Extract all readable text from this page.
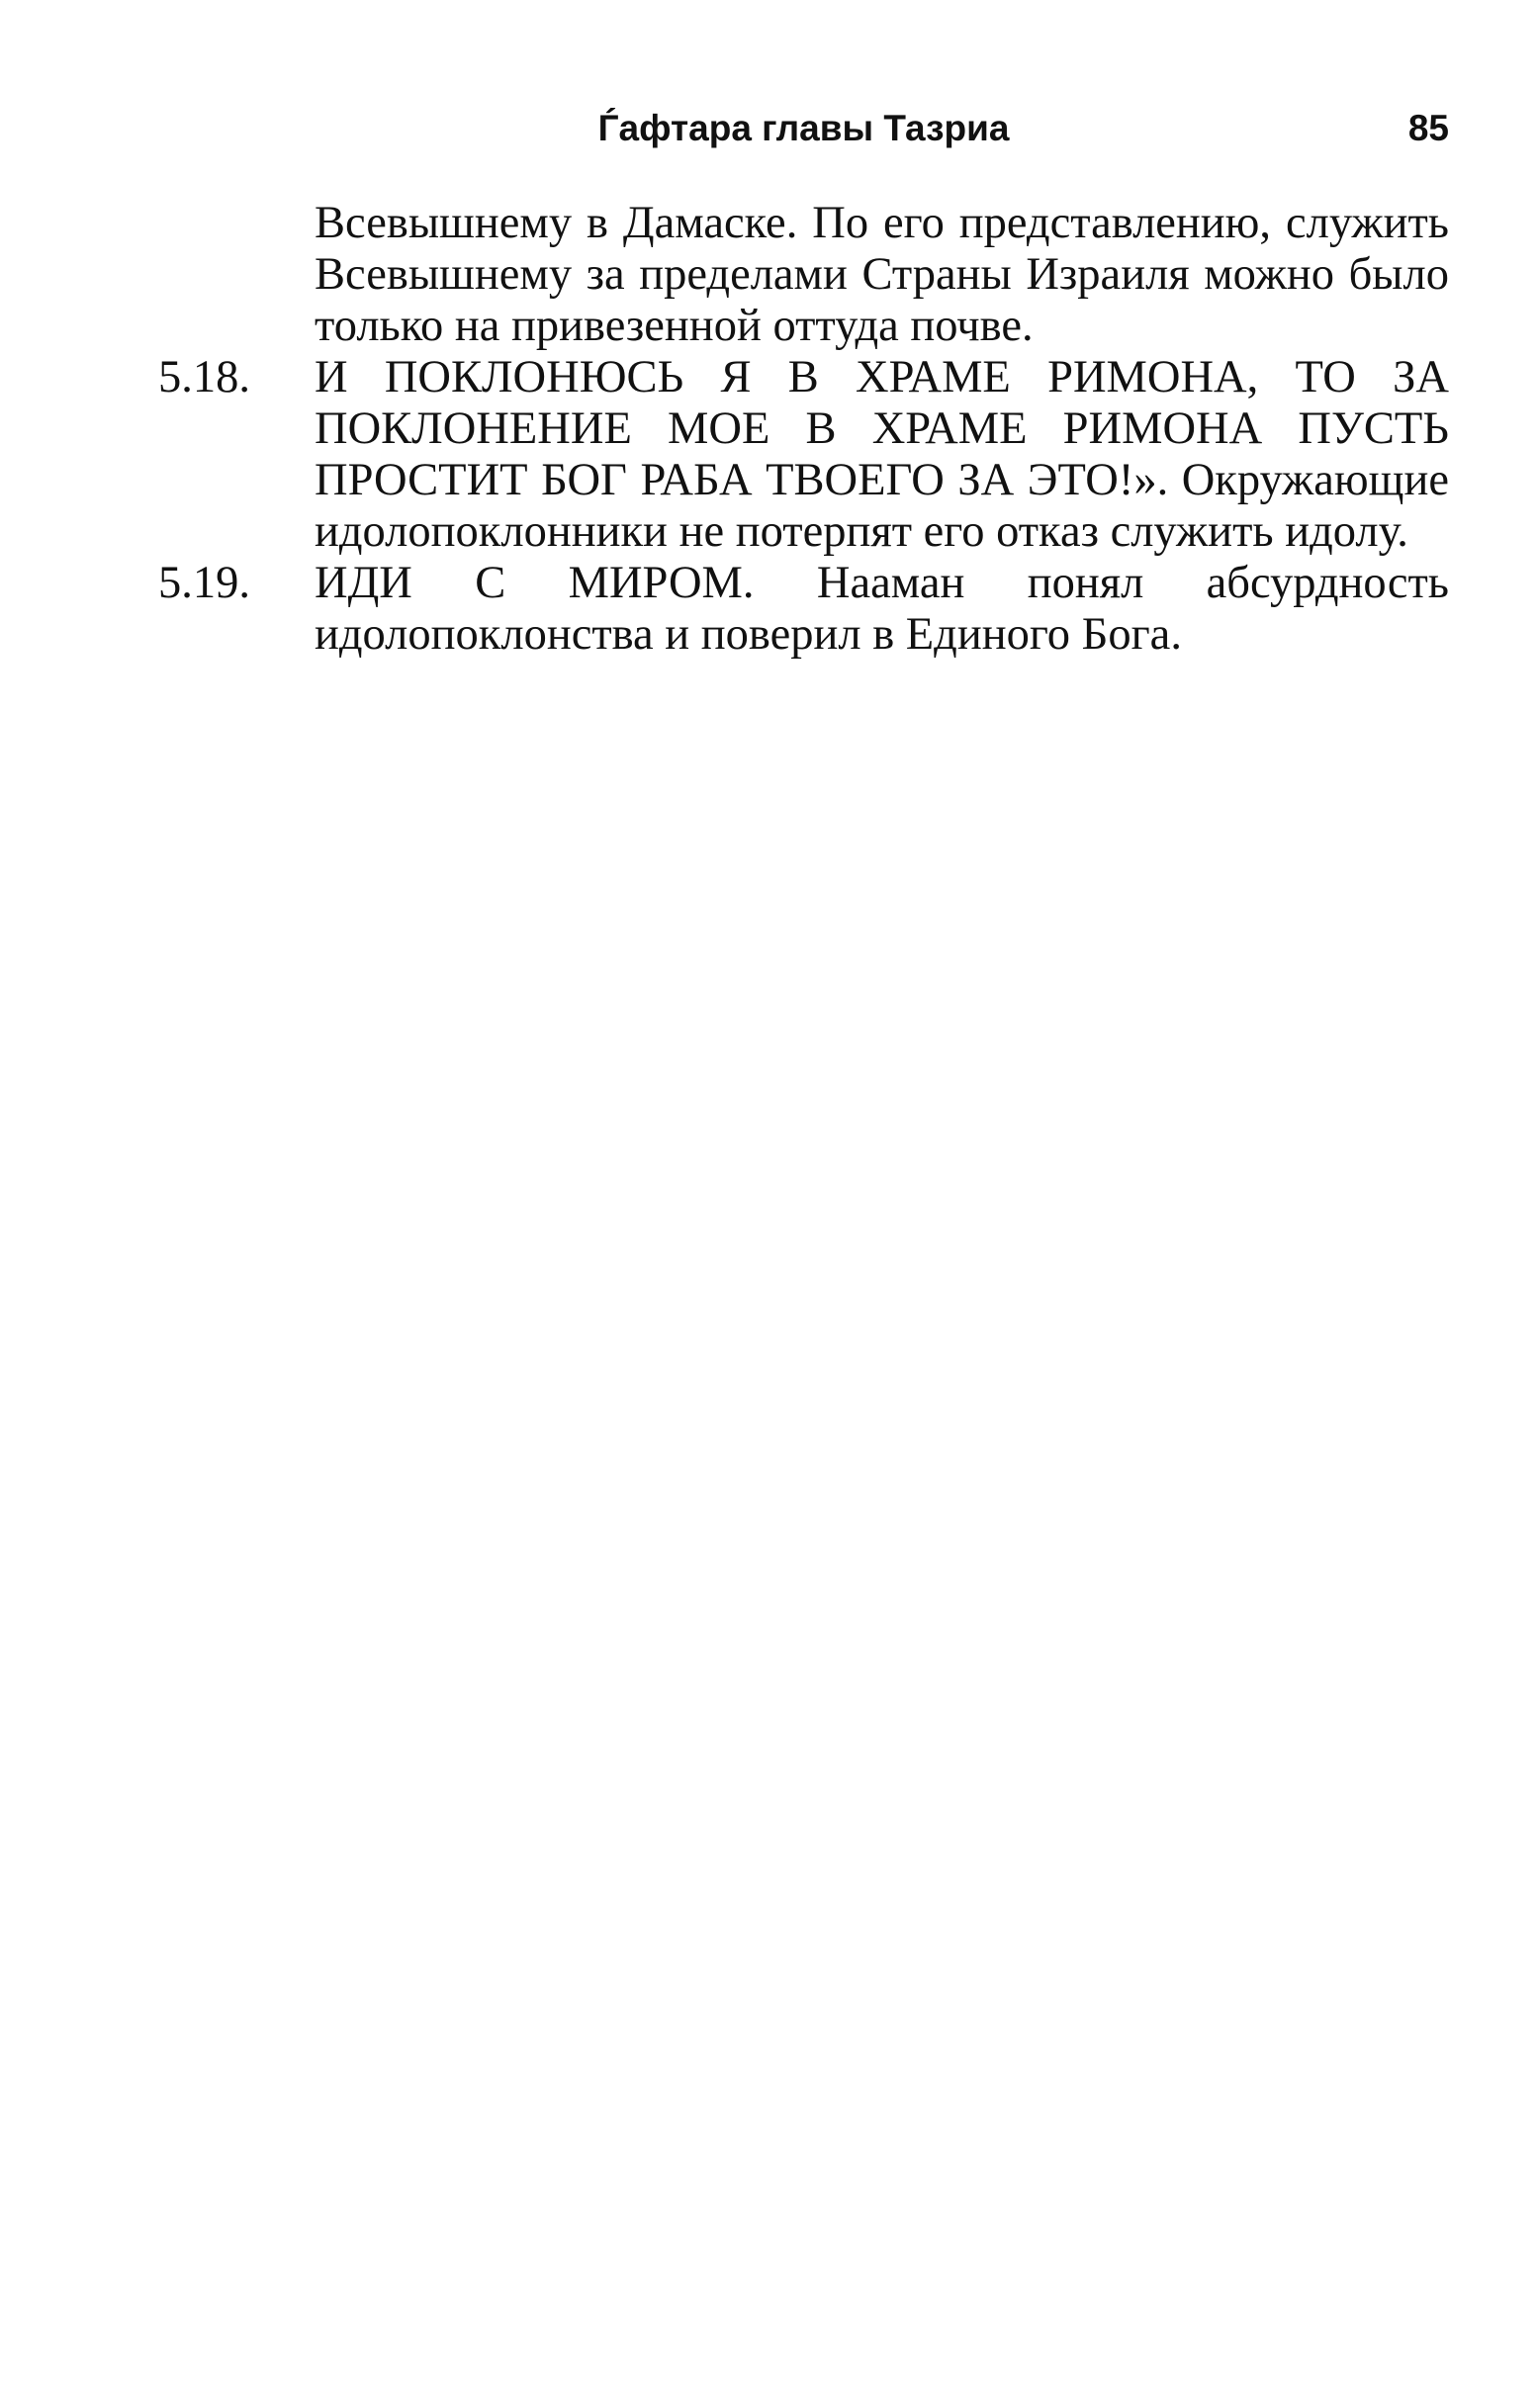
Ѓафтара главы Тазриа	85

Всевышнему в Дамаске. По его представлению, служить Всевышнему за пределами Страны Израиля можно было только на привезенной оттуда почве.

5.18. И ПОКЛОНЮСЬ Я В ХРАМЕ РИМОНА, ТО ЗА ПОКЛОНЕНИЕ МОЕ В ХРАМЕ РИМОНА ПУСТЬ ПРОСТИТ БОГ РАБА ТВОЕГО ЗА ЭТО!». Окружающие идолопоклонники не потерпят его отказ служить идолу.

5.19. ИДИ С МИРОМ. Нааман понял абсурдность идолопоклонства и поверил в Единого Бога.
